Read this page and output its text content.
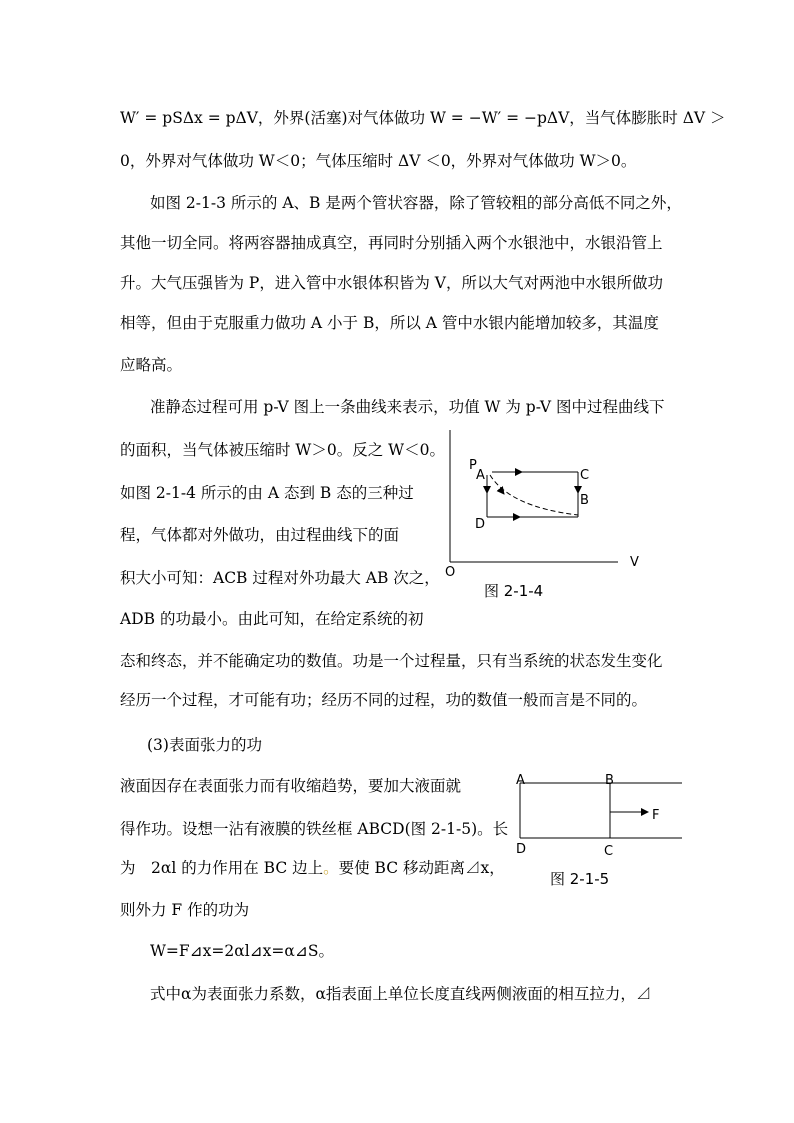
W′ = pSΔx = pΔV，外界(活塞)对气体做功 W = −W′ = −pΔV，当气体膨胀时 ΔV ＞
0，外界对气体做功 W＜0；气体压缩时 ΔV ＜0，外界对气体做功 W＞0。
如图 2-1-3 所示的 A、B 是两个管状容器，除了管较粗的部分高低不同之外，
其他一切全同。将两容器抽成真空，再同时分别插入两个水银池中，水银沿管上
升。大气压强皆为 P，进入管中水银体积皆为 V，所以大气对两池中水银所做功
相等，但由于克服重力做功 A 小于 B，所以 A 管中水银内能增加较多，其温度
应略高。
准静态过程可用 p-V 图上一条曲线来表示，功值 W 为 p-V 图中过程曲线下
的面积，当气体被压缩时 W＞0。反之 W＜0。
如图 2-1-4 所示的由 A 态到 B 态的三种过
程，气体都对外做功，由过程曲线下的面
积大小可知：ACB 过程对外功最大 AB 次之，
ADB 的功最小。由此可知，在给定系统的初
态和终态，并不能确定功的数值。功是一个过程量，只有当系统的状态发生变化
经历一个过程，才可能有功；经历不同的过程，功的数值一般而言是不同的。
(3)表面张力的功
液面因存在表面张力而有收缩趋势，要加大液面就
得作功。设想一沾有液膜的铁丝框 ABCD(图 2-1-5)。长
为　2αl 的力作用在 BC 边上。要使 BC 移动距离⊿x，
则外力 F 作的功为
W=F⊿x=2αl⊿x=α⊿S。
式中α为表面张力系数，α指表面上单位长度直线两侧液面的相互拉力，⊿
P
A	C
B
D
V
O
图 2-1-4
A	B
C
D
F
图 2-1-5
